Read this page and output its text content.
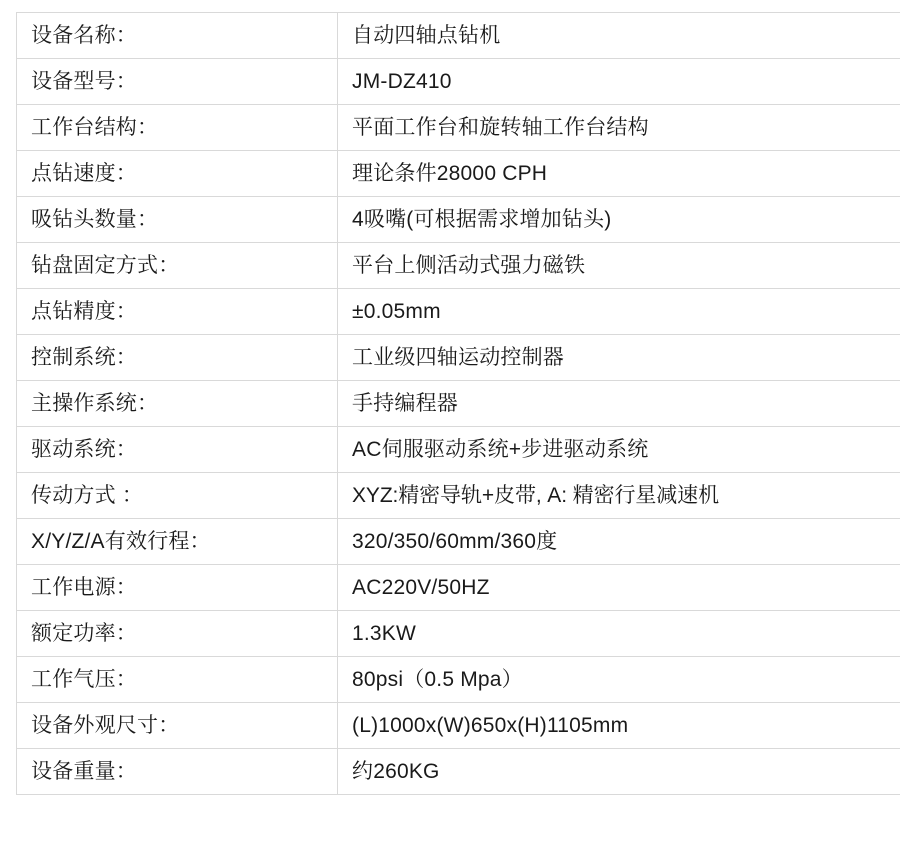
设备名称：	自动四轴点钻机
设备型号：	JM-DZ410
工作台结构：	平面工作台和旋转轴工作台结构
点钻速度：	理论条件28000 CPH
吸钻头数量：	4吸嘴(可根据需求增加钻头)
钻盘固定方式：	平台上侧活动式强力磁铁
点钻精度：	±0.05mm
控制系统：	工业级四轴运动控制器
主操作系统：	手持编程器
驱动系统：	AC伺服驱动系统+步进驱动系统
传动方式 ：	XYZ:精密导轨+皮带, A: 精密行星减速机
X/Y/Z/A有效行程：	320/350/60mm/360度
工作电源：	AC220V/50HZ
额定功率：	1.3KW
工作气压：	80psi（0.5 Mpa）
设备外观尺寸：	(L)1000x(W)650x(H)1105mm
设备重量：	约260KG
